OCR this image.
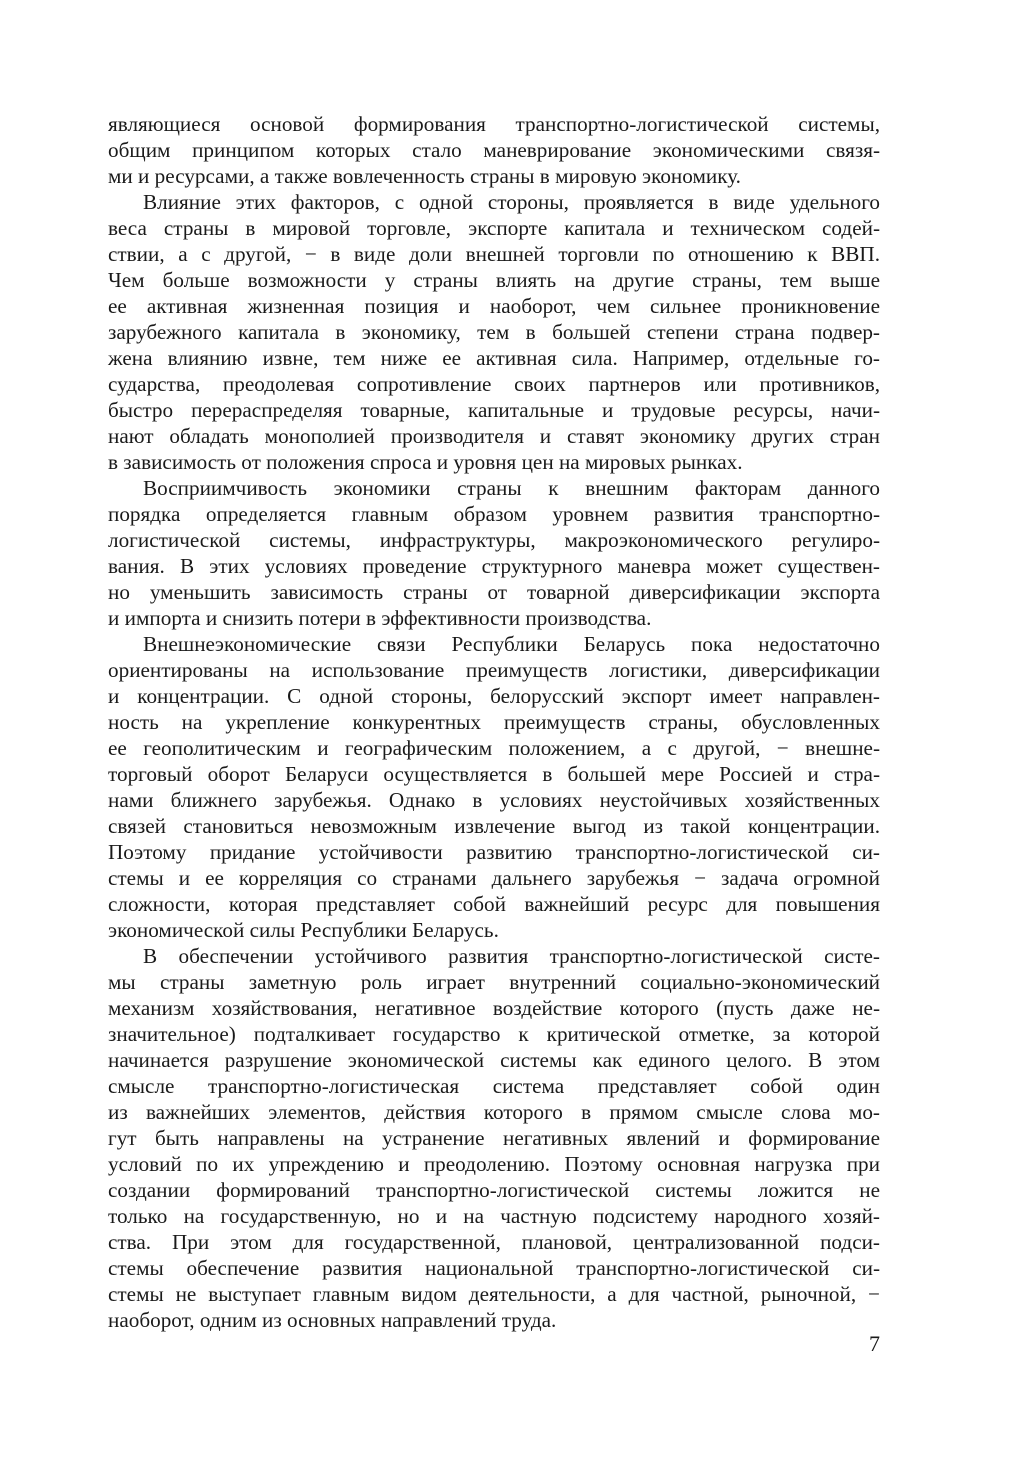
являющиеся основой формирования транспортно-логистической системы,
общим принципом которых стало маневрирование экономическими связя-
ми и ресурсами, а также вовлеченность страны в мировую экономику.
Влияние этих факторов, с одной стороны, проявляется в виде удельного
веса страны в мировой торговле, экспорте капитала и техническом содей-
ствии, а с другой, − в виде доли внешней торговли по отношению к ВВП.
Чем больше возможности у страны влиять на другие страны, тем выше
ее активная жизненная позиция и наоборот, чем сильнее проникновение
зарубежного капитала в экономику, тем в большей степени страна подвер-
жена влиянию извне, тем ниже ее активная сила. Например, отдельные го-
сударства, преодолевая сопротивление своих партнеров или противников,
быстро перераспределяя товарные, капитальные и трудовые ресурсы, начи-
нают обладать монополией производителя и ставят экономику других стран
в зависимость от положения спроса и уровня цен на мировых рынках.
Восприимчивость экономики страны к внешним факторам данного
порядка определяется главным образом уровнем развития транспортно-
логистической системы, инфраструктуры, макроэкономического регулиро-
вания. В этих условиях проведение структурного маневра может существен-
но уменьшить зависимость страны от товарной диверсификации экспорта
и импорта и снизить потери в эффективности производства.
Внешнеэкономические связи Республики Беларусь пока недостаточно
ориентированы на использование преимуществ логистики, диверсификации
и концентрации. С одной стороны, белорусский экспорт имеет направлен-
ность на укрепление конкурентных преимуществ страны, обусловленных
ее геополитическим и географическим положением, а с другой, − внешне-
торговый оборот Беларуси осуществляется в большей мере Россией и стра-
нами ближнего зарубежья. Однако в условиях неустойчивых хозяйственных
связей становиться невозможным извлечение выгод из такой концентрации.
Поэтому придание устойчивости развитию транспортно-логистической си-
стемы и ее корреляция со странами дальнего зарубежья − задача огромной
сложности, которая представляет собой важнейший ресурс для повышения
экономической силы Республики Беларусь.
В обеспечении устойчивого развития транспортно-логистической систе-
мы страны заметную роль играет внутренний социально-экономический
механизм хозяйствования, негативное воздействие которого (пусть даже не-
значительное) подталкивает государство к критической отметке, за которой
начинается разрушение экономической системы как единого целого. В этом
смысле транспортно-логистическая система представляет собой один
из важнейших элементов, действия которого в прямом смысле слова мо-
гут быть направлены на устранение негативных явлений и формирование
условий по их упреждению и преодолению. Поэтому основная нагрузка при
создании формирований транспортно-логистической системы ложится не
только на государственную, но и на частную подсистему народного хозяй-
ства. При этом для государственной, плановой, централизованной подси-
стемы обеспечение развития национальной транспортно-логистической си-
стемы не выступает главным видом деятельности, а для частной, рыночной, −
наоборот, одним из основных направлений труда.
7
